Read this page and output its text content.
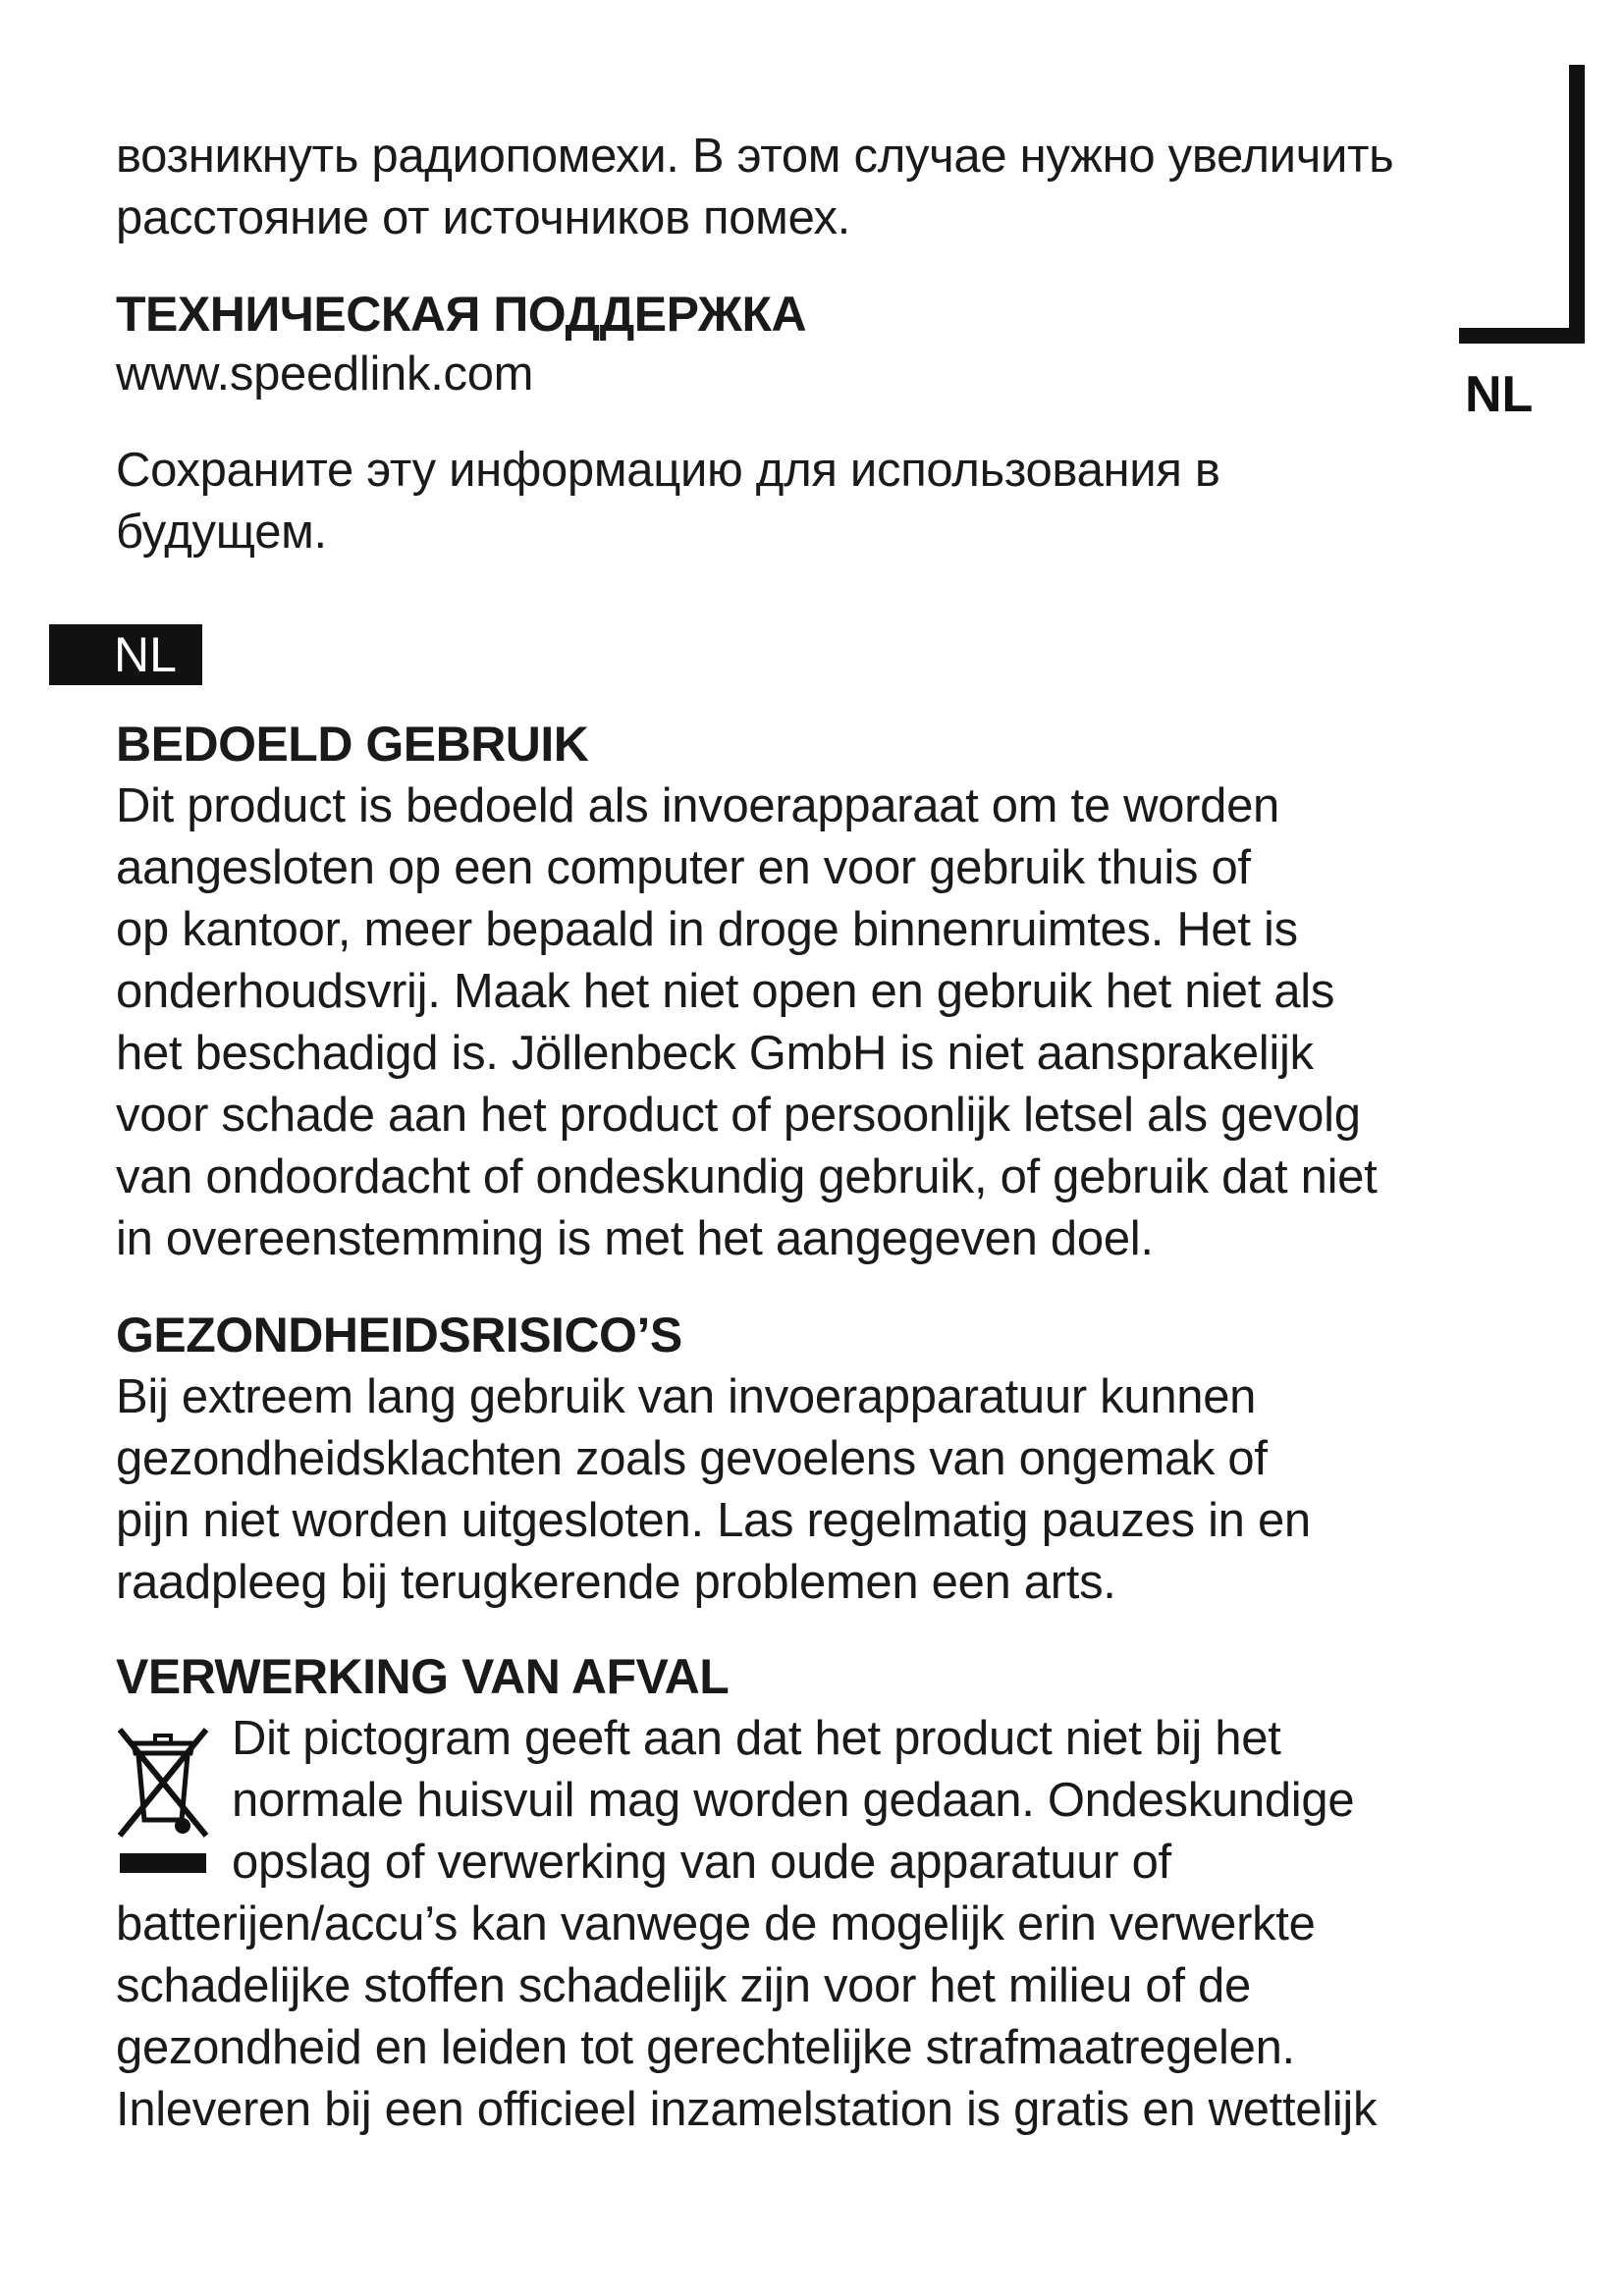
NL
возникнуть радиопомехи. В этом случае нужно увеличить
расстояние от источников помех.
ТЕХНИЧЕСКАЯ ПОДДЕРЖКА
www.speedlink.com
Сохраните эту информацию для использования в
будущем.
NL
BEDOELD GEBRUIK
Dit product is bedoeld als invoerapparaat om te worden
aangesloten op een computer en voor gebruik thuis of
op kantoor, meer bepaald in droge binnenruimtes. Het is
onderhoudsvrij. Maak het niet open en gebruik het niet als
het beschadigd is. Jöllenbeck GmbH is niet aansprakelijk
voor schade aan het product of persoonlijk letsel als gevolg
van ondoordacht of ondeskundig gebruik, of gebruik dat niet
in overeenstemming is met het aangegeven doel.
GEZONDHEIDSRISICO’S
Bij extreem lang gebruik van invoerapparatuur kunnen
gezondheidsklachten zoals gevoelens van ongemak of
pijn niet worden uitgesloten. Las regelmatig pauzes in en
raadpleeg bij terugkerende problemen een arts.
VERWERKING VAN AFVAL
Dit pictogram geeft aan dat het product niet bij het
normale huisvuil mag worden gedaan. Ondeskundige
opslag of verwerking van oude apparatuur of
batterijen/accu’s kan vanwege de mogelijk erin verwerkte
schadelijke stoffen schadelijk zijn voor het milieu of de
gezondheid en leiden tot gerechtelijke strafmaatregelen.
Inleveren bij een officieel inzamelstation is gratis en wettelijk
